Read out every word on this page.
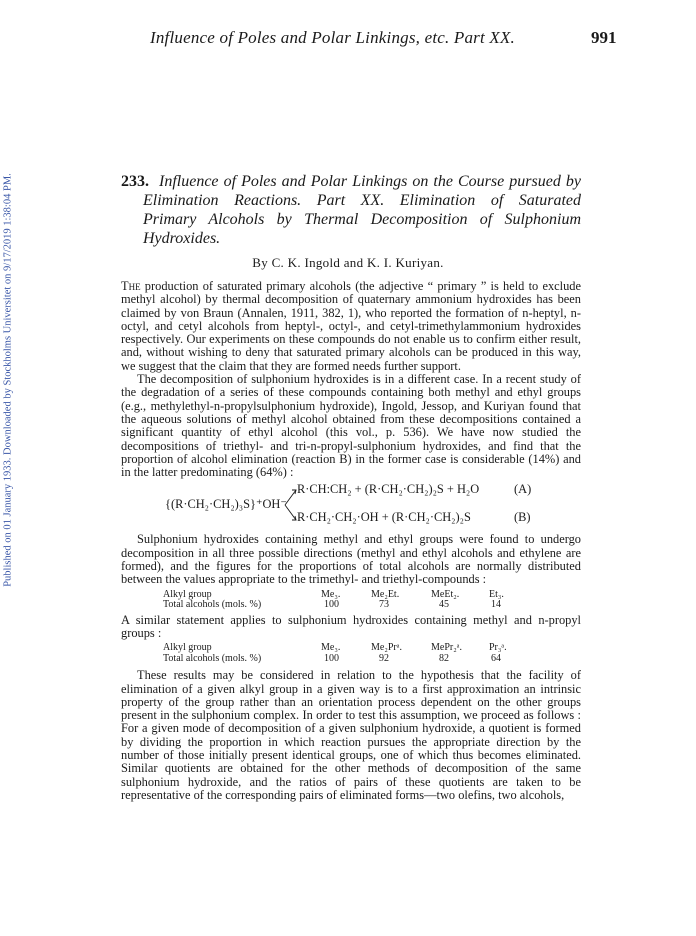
Published on 01 January 1933. Downloaded by Stockholms Universitet on 9/17/2019 1:38:04 PM.
Influence of Poles and Polar Linkings, etc. Part XX.	991
233. Influence of Poles and Polar Linkings on the Course pursued by
Elimination Reactions. Part XX. Elimination of Saturated
Primary Alcohols by Thermal Decomposition of Sulphonium
Hydroxides.
By C. K. Ingold and K. I. Kuriyan.

The production of saturated primary alcohols (the adjective “ primary ” is held to exclude methyl alcohol) by thermal decomposition of quaternary ammonium hydroxides has been claimed by von Braun (Annalen, 1911, 382, 1), who reported the formation of n-heptyl, n-octyl, and cetyl alcohols from heptyl-, octyl-, and cetyl-trimethylammonium hydroxides respectively. Our experiments on these compounds do not enable us to confirm either result, and, without wishing to deny that saturated primary alcohols can be produced in this way, we suggest that the claim that they are formed needs further support.

The decomposition of sulphonium hydroxides is in a different case. In a recent study of the degradation of a series of these compounds containing both methyl and ethyl groups (e.g., methylethyl-n-propylsulphonium hydroxide), Ingold, Jessop, and Kuriyan found that the aqueous solutions of methyl alcohol obtained from these decompositions contained a significant quantity of ethyl alcohol (this vol., p. 536). We have now studied the decompositions of triethyl- and tri-n-propyl-sulphonium hydroxides, and find that the proportion of alcohol elimination (reaction B) in the former case is considerable (14%) and in the latter predominating (64%) :

{(R·CH₂·CH₂)₃S}⁺OH⁻
R·CH:CH₂ + (R·CH₂·CH₂)₂S + H₂O	(A)
R·CH₂·CH₂·OH + (R·CH₂·CH₂)₂S	(B)

Sulphonium hydroxides containing methyl and ethyl groups were found to undergo decomposition in all three possible directions (methyl and ethyl alcohols and ethylene are formed), and the figures for the proportions of total alcohols are normally distributed between the values appropriate to the trimethyl- and triethyl-compounds :

Alkyl group	Me₃.	Me₂Et.	MeEt₂.	Et₃.
Total alcohols (mols. %)	100	73	45	14

A similar statement applies to sulphonium hydroxides containing methyl and n-propyl groups :

Alkyl group	Me₃.	Me₂Prᵃ.	MePr₂ᵃ.	Pr₃ᵃ.
Total alcohols (mols. %)	100	92	82	64

These results may be considered in relation to the hypothesis that the facility of elimination of a given alkyl group in a given way is to a first approximation an intrinsic property of the group rather than an orientation process dependent on the other groups present in the sulphonium complex. In order to test this assumption, we proceed as follows : For a given mode of decomposition of a given sulphonium hydroxide, a quotient is formed by dividing the proportion in which reaction pursues the appropriate direction by the number of those initially present identical groups, one of which thus becomes eliminated. Similar quotients are obtained for the other methods of decomposition of the same sulphonium hydroxide, and the ratios of pairs of these quotients are taken to be representative of the corresponding pairs of eliminated forms—two olefins, two alcohols,
